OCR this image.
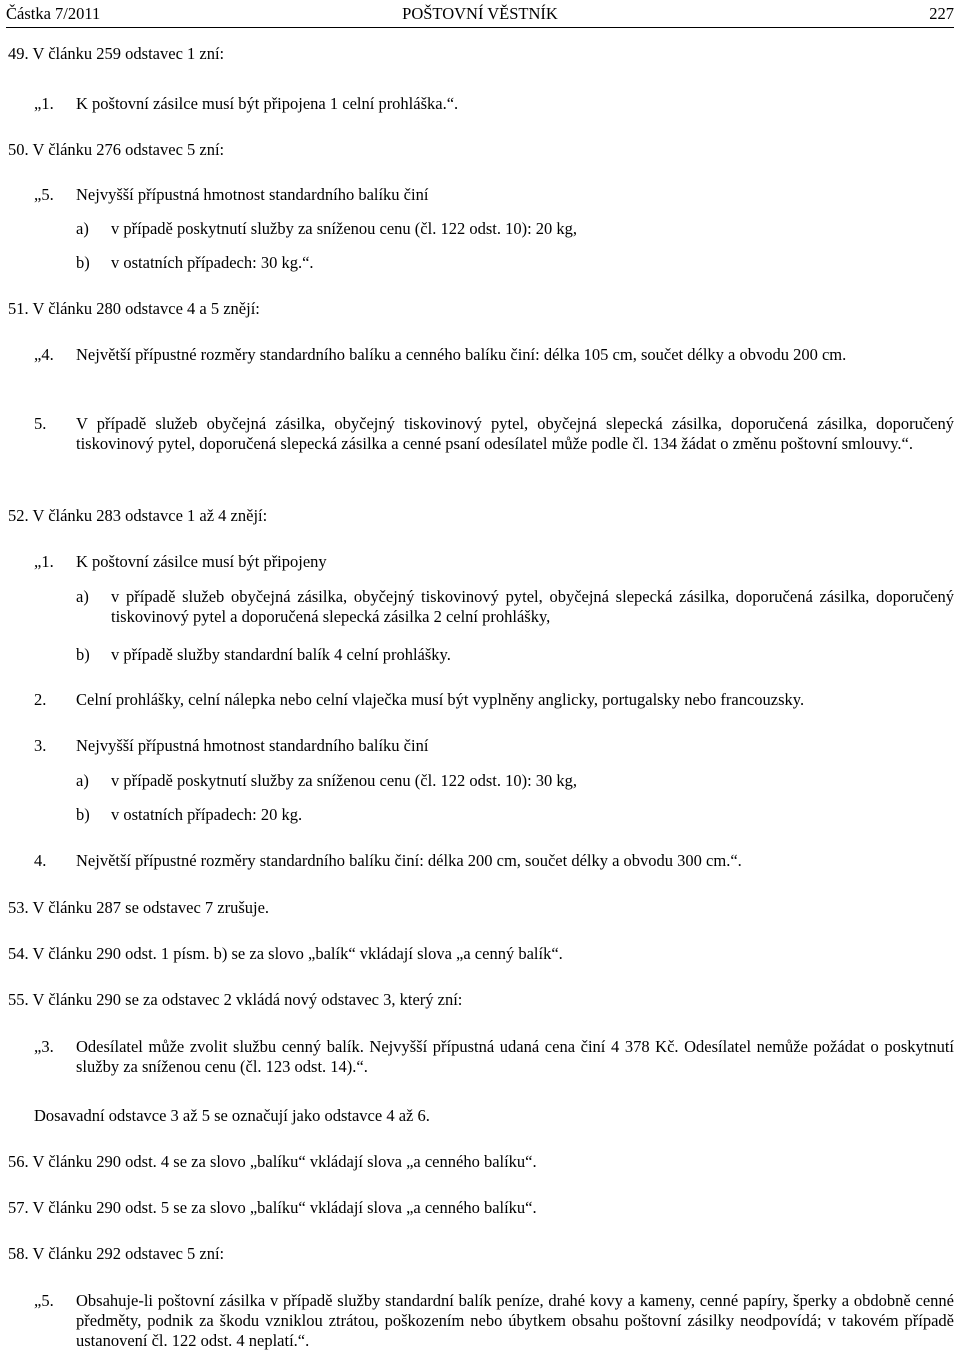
Částka 7/2011	POŠTOVNÍ VĚSTNÍK	227
49. V článku 259 odstavec 1 zní:
„1. K poštovní zásilce musí být připojena 1 celní prohláška.“.
50. V článku 276 odstavec 5 zní:
„5. Nejvyšší přípustná hmotnost standardního balíku činí
a) v případě poskytnutí služby za sníženou cenu (čl. 122 odst. 10): 20 kg,
b) v ostatních případech: 30 kg.“.
51. V článku 280 odstavce 4 a 5 znějí:
„4. Největší přípustné rozměry standardního balíku a cenného balíku činí: délka 105 cm, součet délky a obvodu 200 cm.
5. V případě služeb obyčejná zásilka, obyčejný tiskovinový pytel, obyčejná slepecká zásilka, doporučená zásilka, doporučený tiskovinový pytel, doporučená slepecká zásilka a cenné psaní odesílatel může podle čl. 134 žádat o změnu poštovní smlouvy.“.
52. V článku 283 odstavce 1 až 4 znějí:
„1. K poštovní zásilce musí být připojeny
a) v případě služeb obyčejná zásilka, obyčejný tiskovinový pytel, obyčejná slepecká zásilka, doporučená zásilka, doporučený tiskovinový pytel a doporučená slepecká zásilka 2 celní prohlášky,
b) v případě služby standardní balík 4 celní prohlášky.
2. Celní prohlášky, celní nálepka nebo celní vlaječka musí být vyplněny anglicky, portugalsky nebo francouzsky.
3. Nejvyšší přípustná hmotnost standardního balíku činí
a) v případě poskytnutí služby za sníženou cenu (čl. 122 odst. 10): 30 kg,
b) v ostatních případech: 20 kg.
4. Největší přípustné rozměry standardního balíku činí: délka 200 cm, součet délky a obvodu 300 cm.“.
53. V článku 287 se odstavec 7 zrušuje.
54. V článku 290 odst. 1 písm. b) se za slovo „balík“ vkládají slova „a cenný balík“.
55. V článku 290 se za odstavec 2 vkládá nový odstavec 3, který zní:
„3. Odesílatel může zvolit službu cenný balík. Nejvyšší přípustná udaná cena činí 4 378 Kč. Odesílatel nemůže požádat o poskytnutí služby za sníženou cenu (čl. 123 odst. 14).“.
Dosavadní odstavce 3 až 5 se označují jako odstavce 4 až 6.
56. V článku 290 odst. 4 se za slovo „balíku“ vkládají slova „a cenného balíku“.
57. V článku 290 odst. 5 se za slovo „balíku“ vkládají slova „a cenného balíku“.
58. V článku 292 odstavec 5 zní:
„5. Obsahuje-li poštovní zásilka v případě služby standardní balík peníze, drahé kovy a kameny, cenné papíry, šperky a obdobně cenné předměty, podnik za škodu vzniklou ztrátou, poškozením nebo úbytkem obsahu poštovní zásilky neodpovídá; v takovém případě ustanovení čl. 122 odst. 4 neplatí.“.
